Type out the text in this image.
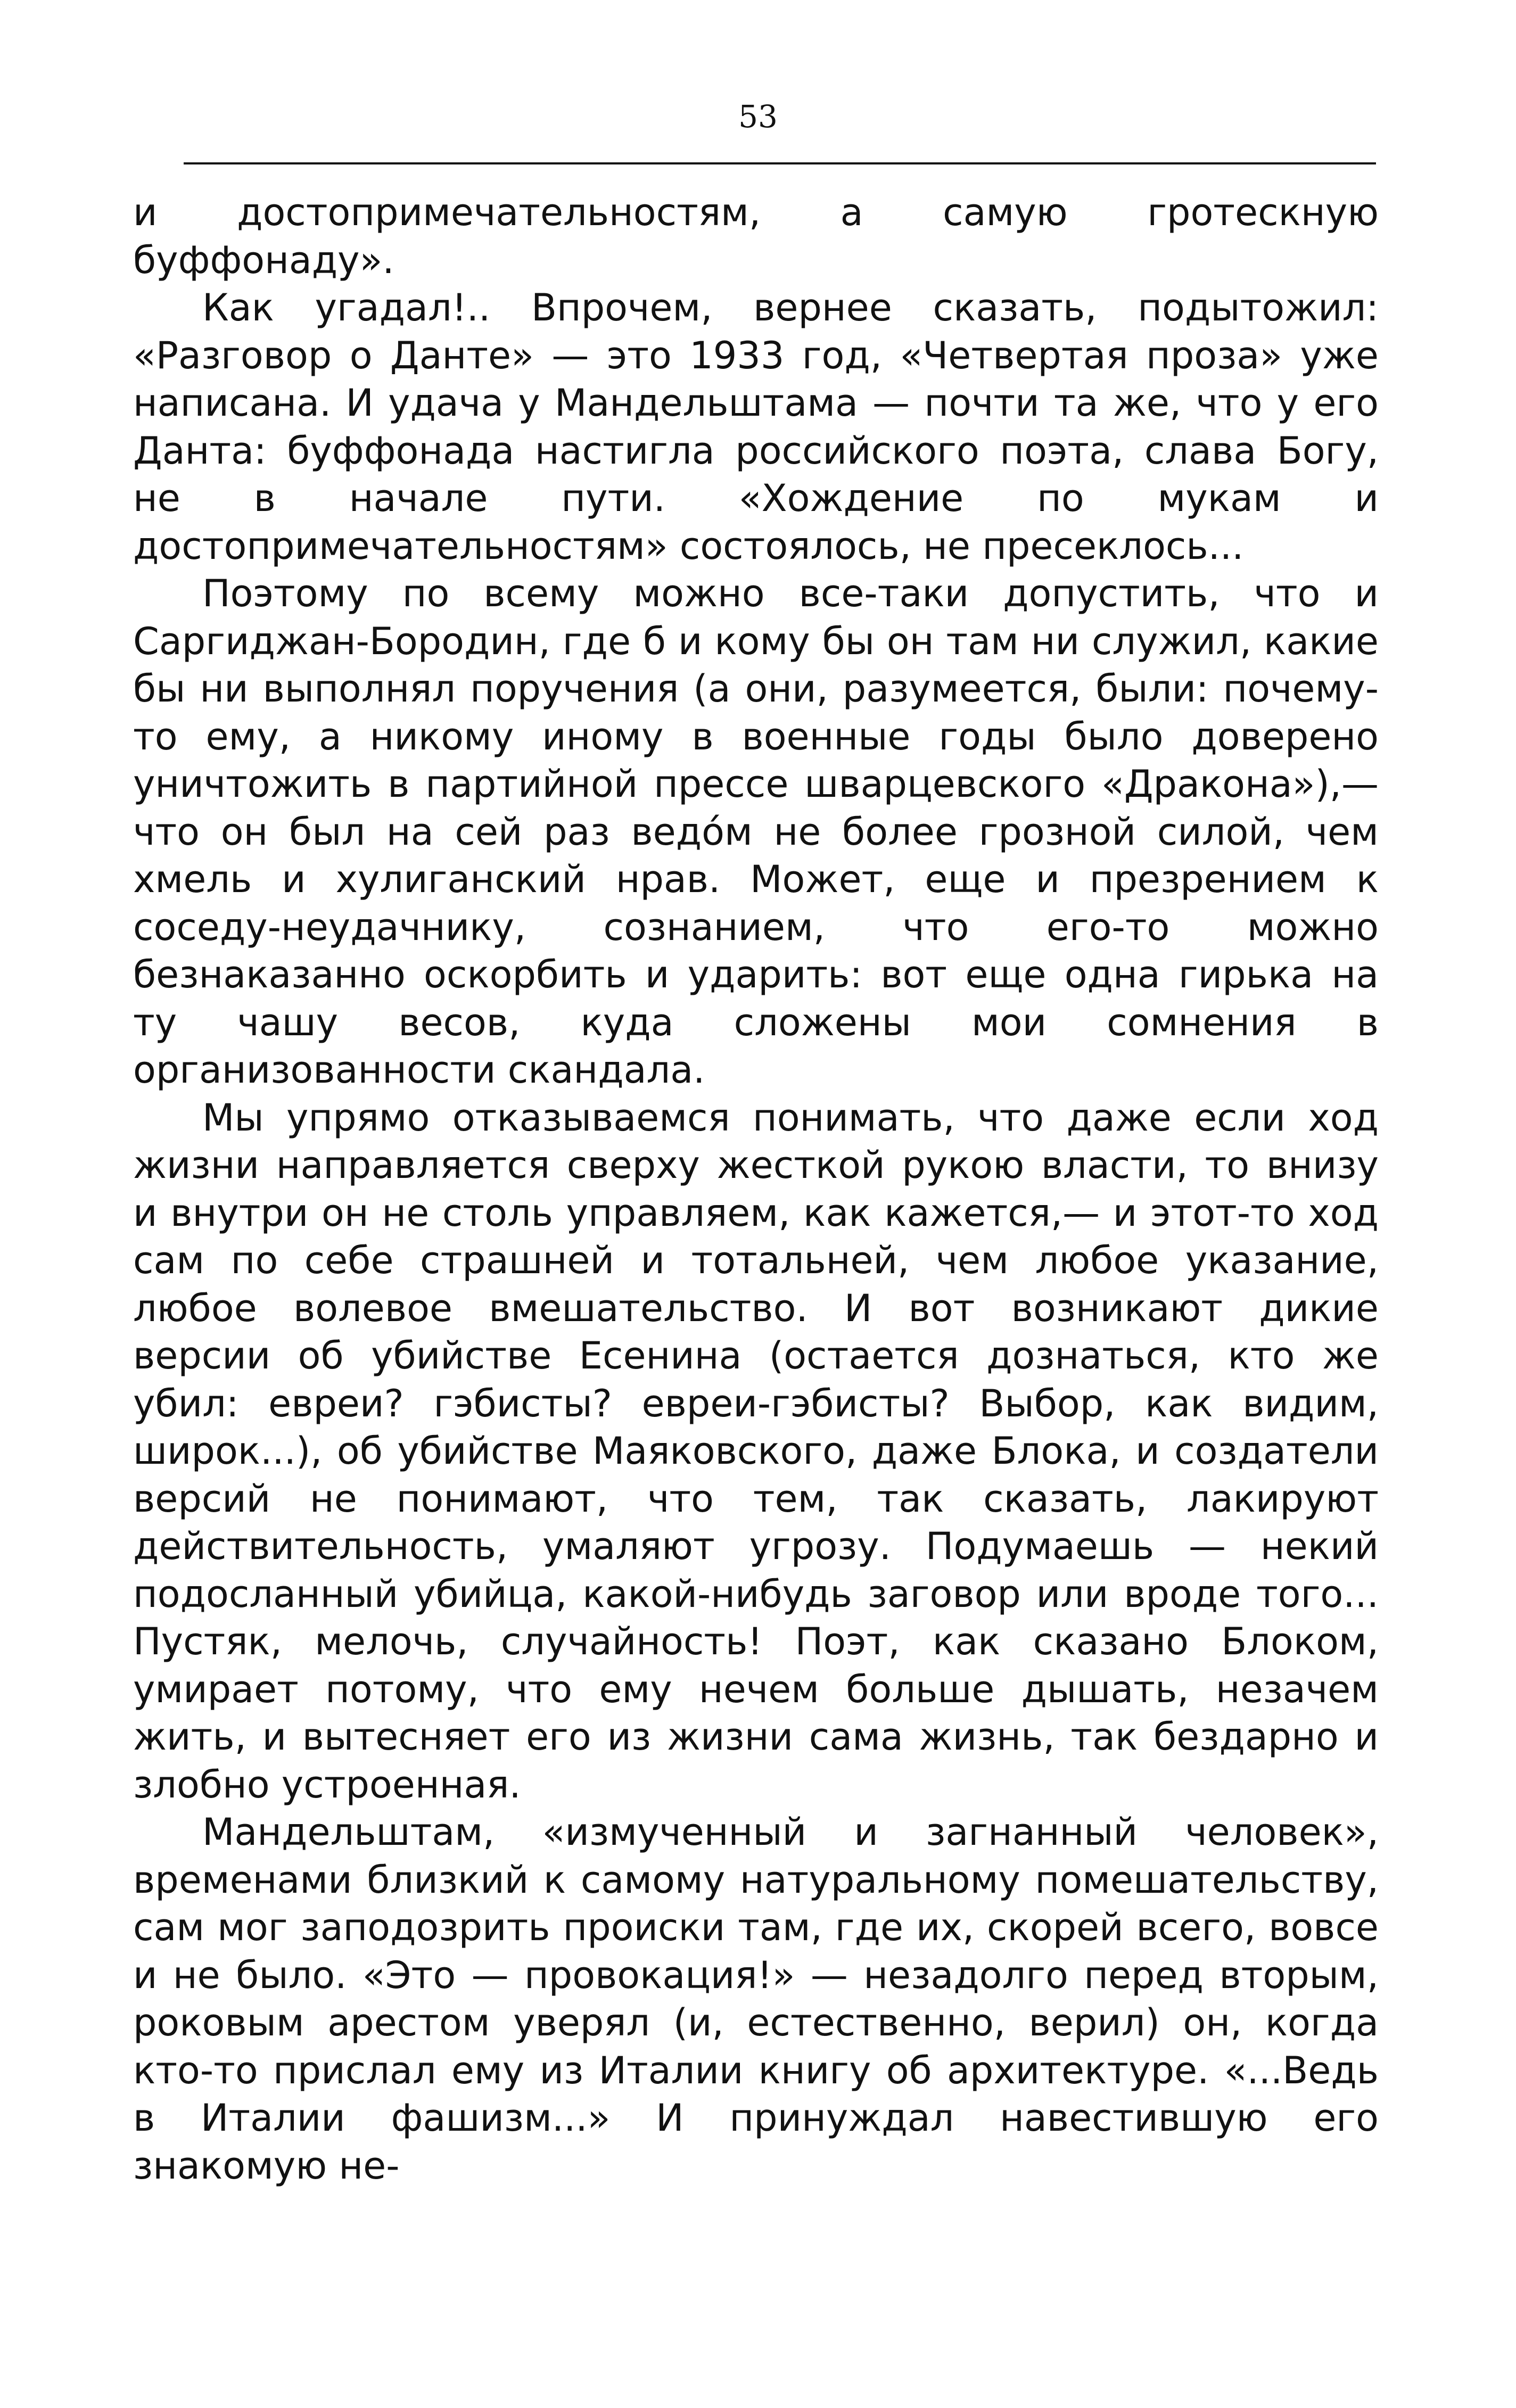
53

и достопримечательностям, а самую гротескную буффонаду».

Как угадал!.. Впрочем, вернее сказать, подытожил: «Разговор о Данте» — это 1933 год, «Четвертая проза» уже написана. И удача у Мандельштама — почти та же, что у его Данта: буффонада настигла российского поэта, слава Богу, не в начале пути. «Хождение по мукам и достопримечательностям» состоялось, не пресеклось...

Поэтому по всему можно все-таки допустить, что и Саргиджан-Бородин, где б и кому бы он там ни служил, какие бы ни выполнял поручения (а они, разумеется, были: почему-то ему, а никому иному в военные годы было доверено уничтожить в партийной прессе шварцевского «Дракона»),— что он был на сей раз ведóм не более грозной силой, чем хмель и хулиганский нрав. Может, еще и презрением к соседу-неудачнику, сознанием, что его-то можно безнаказанно оскорбить и ударить: вот еще одна гирька на ту чашу весов, куда сложены мои сомнения в организованности скандала.

Мы упрямо отказываемся понимать, что даже если ход жизни направляется сверху жесткой рукою власти, то внизу и внутри он не столь управляем, как кажется,— и этот-то ход сам по себе страшней и тотальней, чем любое указание, любое волевое вмешательство. И вот возникают дикие версии об убийстве Есенина (остается дознаться, кто же убил: евреи? гэбисты? евреи-гэбисты? Выбор, как видим, широк...), об убийстве Маяковского, даже Блока, и создатели версий не понимают, что тем, так сказать, лакируют действительность, умаляют угрозу. Подумаешь — некий подосланный убийца, какой-нибудь заговор или вроде того... Пустяк, мелочь, случайность! Поэт, как сказано Блоком, умирает потому, что ему нечем больше дышать, незачем жить, и вытесняет его из жизни сама жизнь, так бездарно и злобно устроенная.

Мандельштам, «измученный и загнанный человек», временами близкий к самому натуральному помешательству, сам мог заподозрить происки там, где их, скорей всего, вовсе и не было. «Это — провокация!» — незадолго перед вторым, роковым арестом уверял (и, естественно, верил) он, когда кто-то прислал ему из Италии книгу об архитектуре. «...Ведь в Италии фашизм...» И принуждал навестившую его знакомую не-
